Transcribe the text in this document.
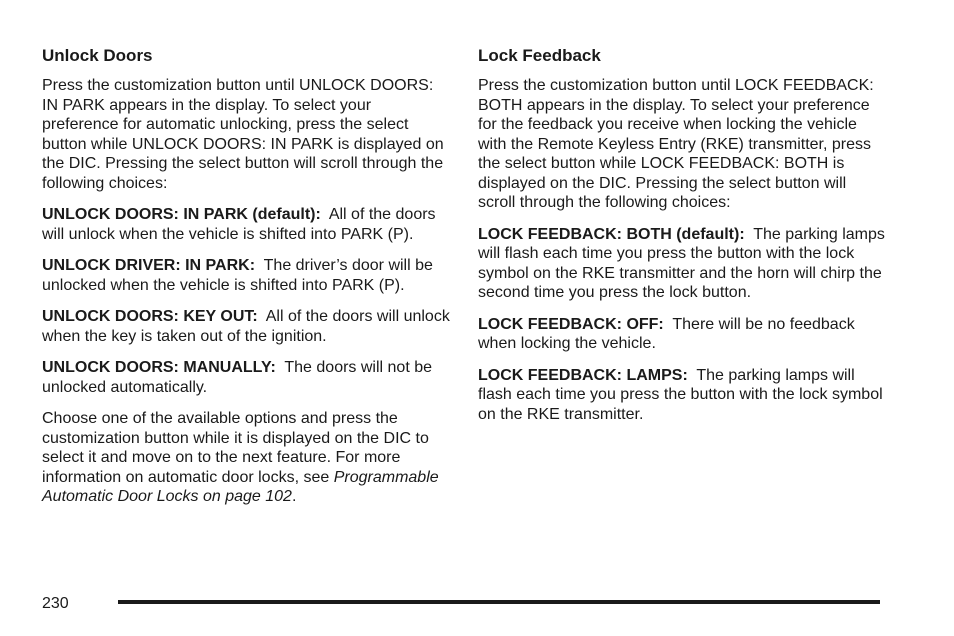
Unlock Doors

Press the customization button until UNLOCK DOORS: IN PARK appears in the display. To select your preference for automatic unlocking, press the select button while UNLOCK DOORS: IN PARK is displayed on the DIC. Pressing the select button will scroll through the following choices:

UNLOCK DOORS: IN PARK (default): All of the doors will unlock when the vehicle is shifted into PARK (P).

UNLOCK DRIVER: IN PARK: The driver’s door will be unlocked when the vehicle is shifted into PARK (P).

UNLOCK DOORS: KEY OUT: All of the doors will unlock when the key is taken out of the ignition.

UNLOCK DOORS: MANUALLY: The doors will not be unlocked automatically.

Choose one of the available options and press the customization button while it is displayed on the DIC to select it and move on to the next feature. For more information on automatic door locks, see Programmable Automatic Door Locks on page 102.

Lock Feedback

Press the customization button until LOCK FEEDBACK: BOTH appears in the display. To select your preference for the feedback you receive when locking the vehicle with the Remote Keyless Entry (RKE) transmitter, press the select button while LOCK FEEDBACK: BOTH is displayed on the DIC. Pressing the select button will scroll through the following choices:

LOCK FEEDBACK: BOTH (default): The parking lamps will flash each time you press the button with the lock symbol on the RKE transmitter and the horn will chirp the second time you press the lock button.

LOCK FEEDBACK: OFF: There will be no feedback when locking the vehicle.

LOCK FEEDBACK: LAMPS: The parking lamps will flash each time you press the button with the lock symbol on the RKE transmitter.

230
